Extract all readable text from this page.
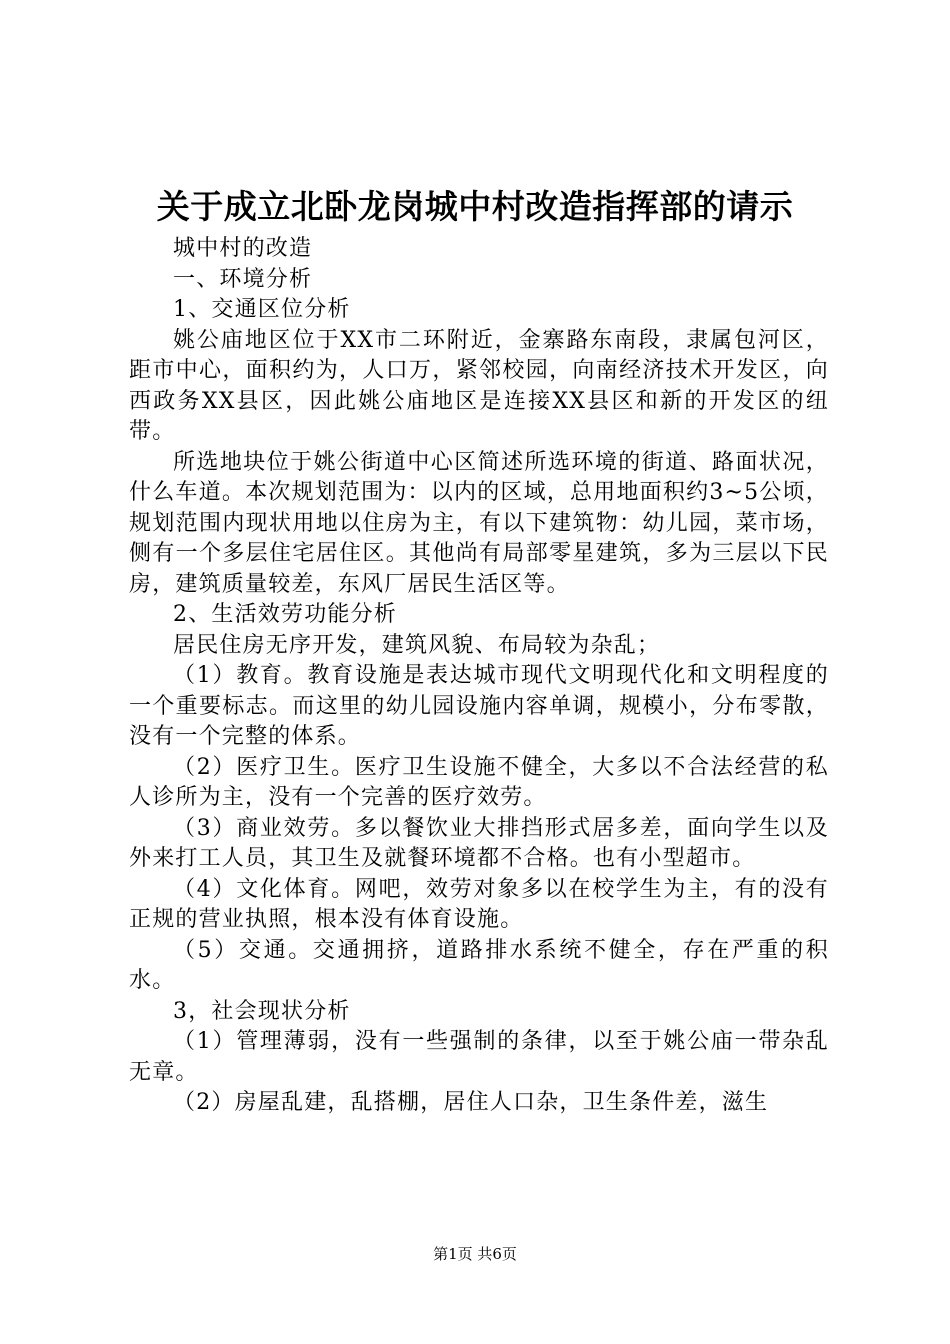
关于成立北卧龙岗城中村改造指挥部的请示

城中村的改造

一、环境分析

1、交通区位分析

姚公庙地区位于XX市二环附近，金寨路东南段，隶属包河区，距市中心，面积约为，人口万，紧邻校园，向南经济技术开发区，向西政务XX县区，因此姚公庙地区是连接XX县区和新的开发区的纽带。

所选地块位于姚公街道中心区简述所选环境的街道、路面状况，什么车道。本次规划范围为：以内的区域，总用地面积约3~5公顷，规划范围内现状用地以住房为主，有以下建筑物：幼儿园，菜市场，侧有一个多层住宅居住区。其他尚有局部零星建筑，多为三层以下民房，建筑质量较差，东风厂居民生活区等。

2、生活效劳功能分析

居民住房无序开发，建筑风貌、布局较为杂乱；

（1）教育。教育设施是表达城市现代文明现代化和文明程度的一个重要标志。而这里的幼儿园设施内容单调，规模小，分布零散，没有一个完整的体系。

（2）医疗卫生。医疗卫生设施不健全，大多以不合法经营的私人诊所为主，没有一个完善的医疗效劳。

（3）商业效劳。多以餐饮业大排挡形式居多差，面向学生以及外来打工人员，其卫生及就餐环境都不合格。也有小型超市。

（4）文化体育。网吧，效劳对象多以在校学生为主，有的没有正规的营业执照，根本没有体育设施。

（5）交通。交通拥挤，道路排水系统不健全，存在严重的积水。

3，社会现状分析

（1）管理薄弱，没有一些强制的条律，以至于姚公庙一带杂乱无章。

（2）房屋乱建，乱搭棚，居住人口杂，卫生条件差，滋生

第1页 共6页
